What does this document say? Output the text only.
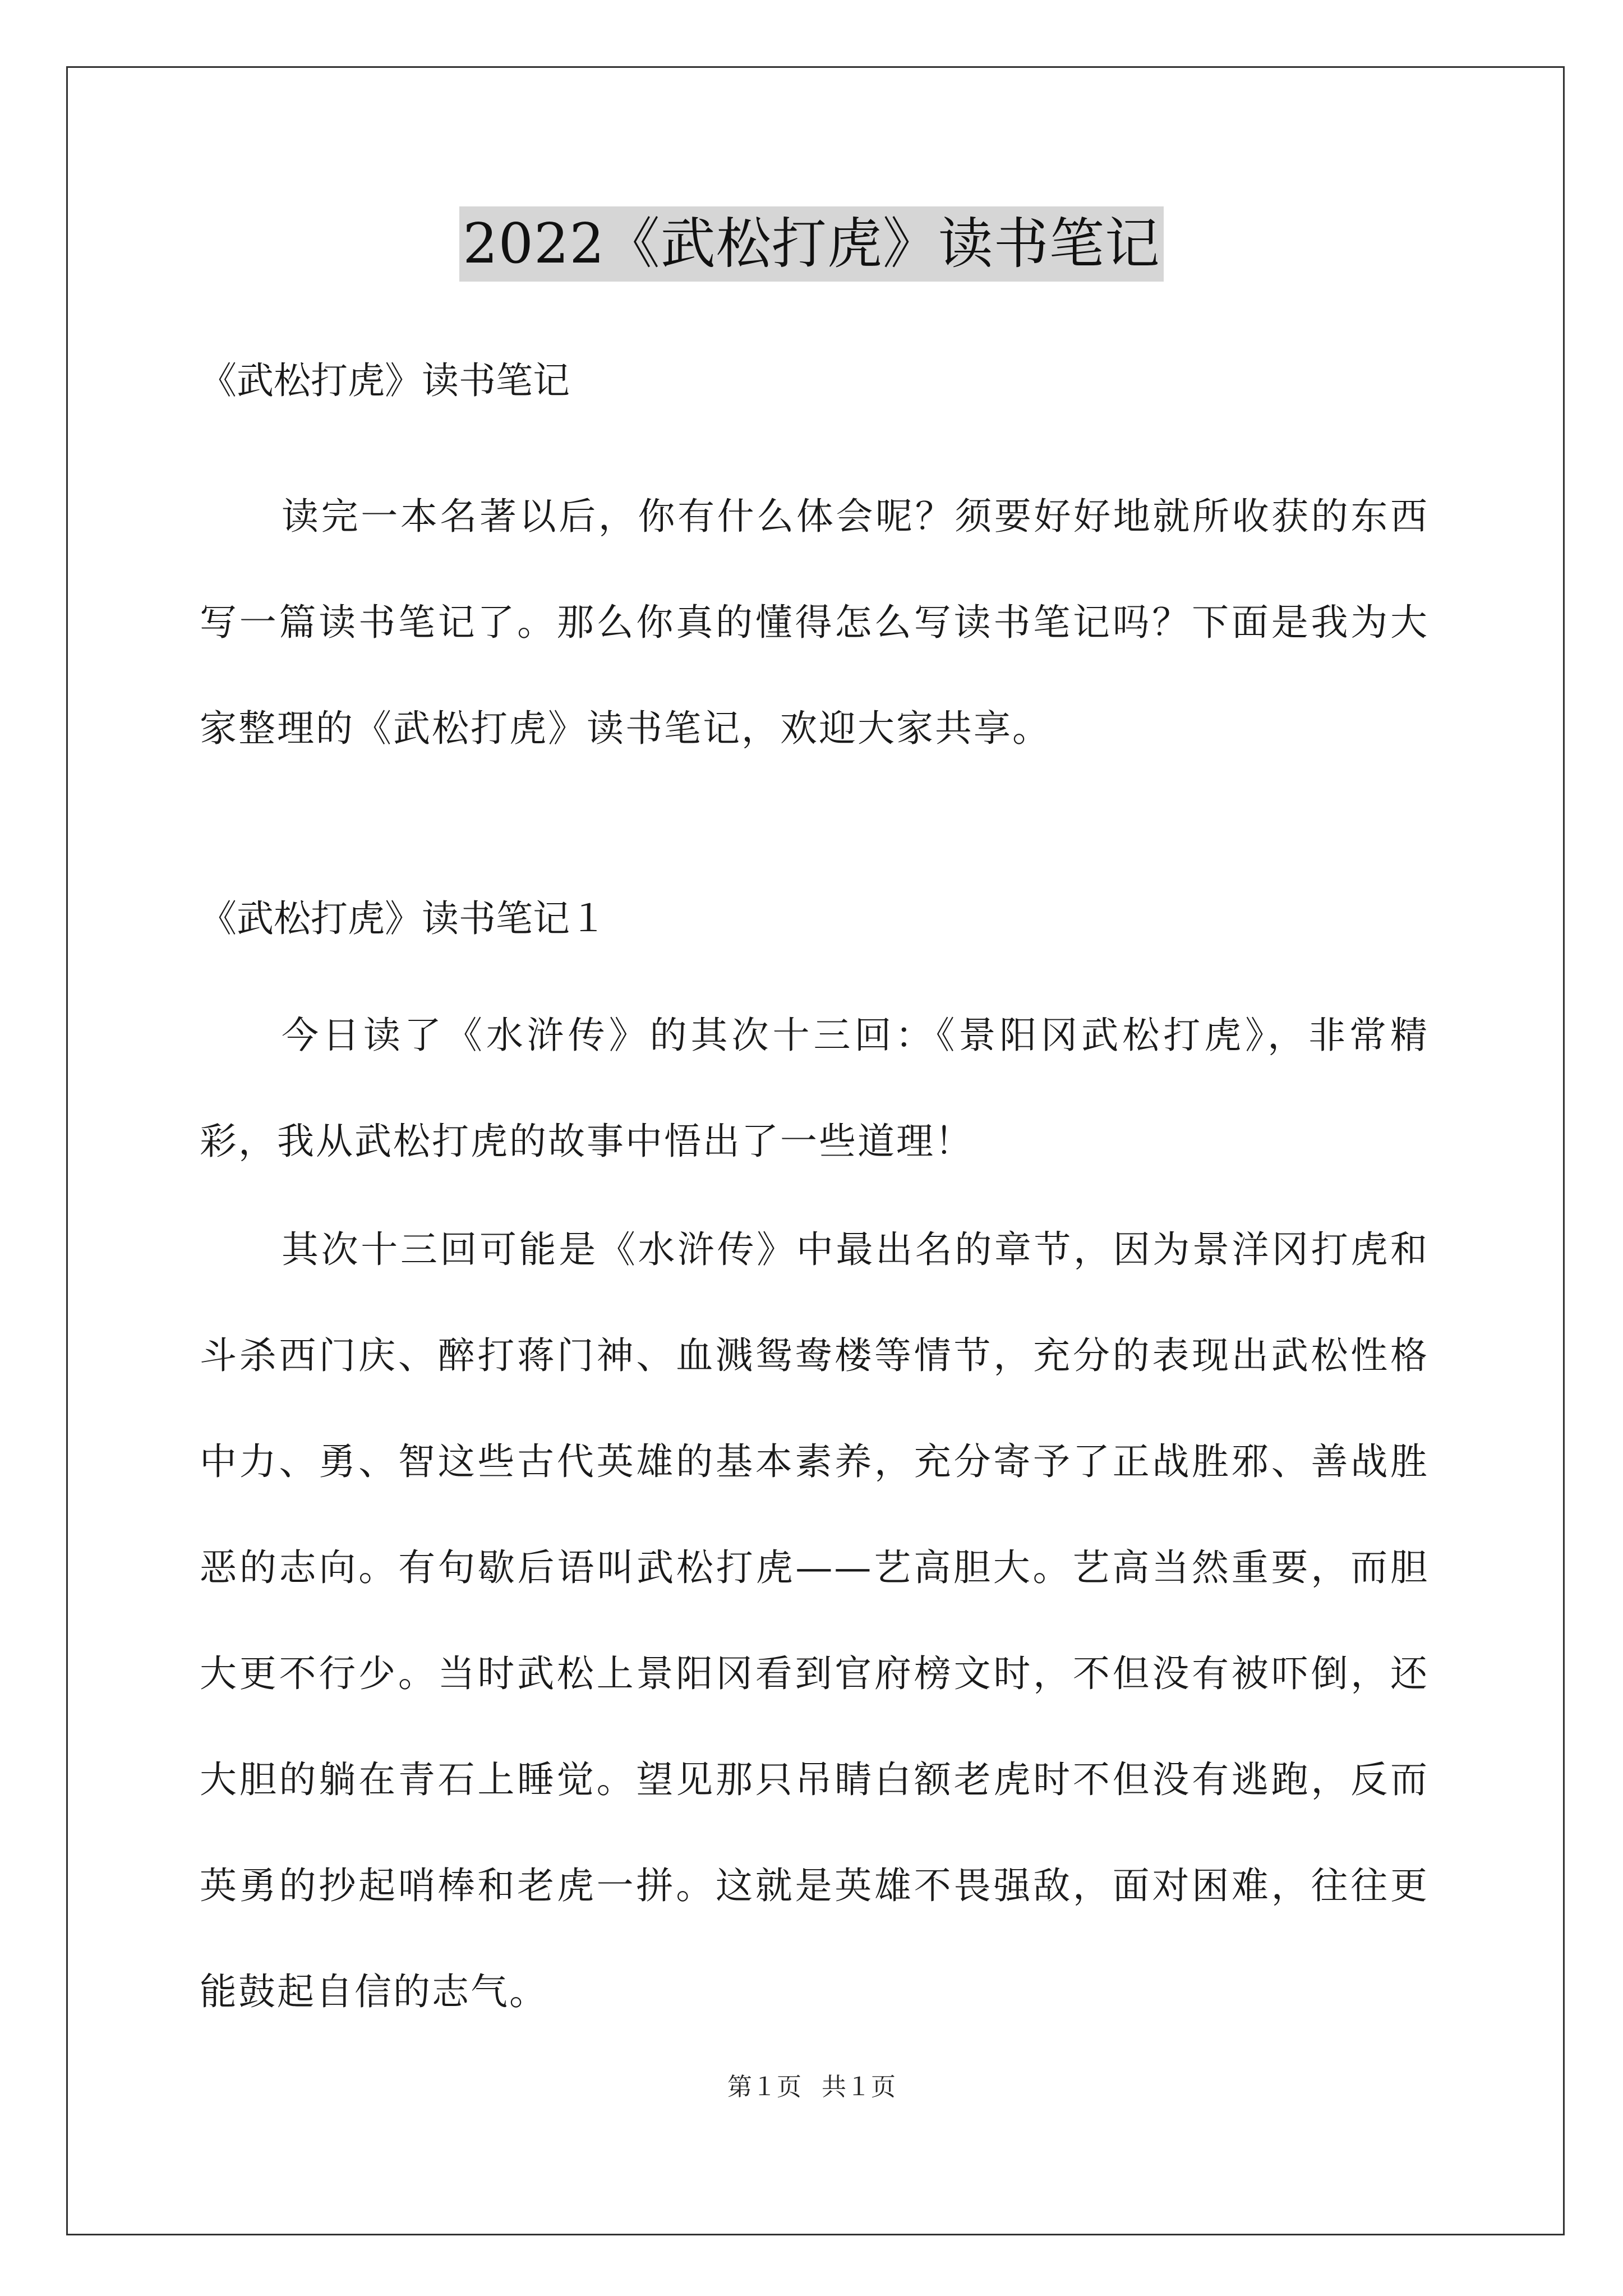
2022《武松打虎》读书笔记

《武松打虎》读书笔记

读完一本名著以后，你有什么体会呢？须要好好地就所收获的东西写一篇读书笔记了。那么你真的懂得怎么写读书笔记吗？下面是我为大家整理的《武松打虎》读书笔记，欢迎大家共享。

《武松打虎》读书笔记１

今日读了《水浒传》的其次十三回：《景阳冈武松打虎》，非常精彩，我从武松打虎的故事中悟出了一些道理！

其次十三回可能是《水浒传》中最出名的章节，因为景洋冈打虎和斗杀西门庆、醉打蒋门神、血溅鸳鸯楼等情节，充分的表现出武松性格中力、勇、智这些古代英雄的基本素养，充分寄予了正战胜邪、善战胜恶的志向。有句歇后语叫武松打虎——艺高胆大。艺高当然重要，而胆大更不行少。当时武松上景阳冈看到官府榜文时，不但没有被吓倒，还大胆的躺在青石上睡觉。望见那只吊睛白额老虎时不但没有逃跑，反而英勇的抄起哨棒和老虎一拼。这就是英雄不畏强敌，面对困难，往往更能鼓起自信的志气。

第１页 共１页
